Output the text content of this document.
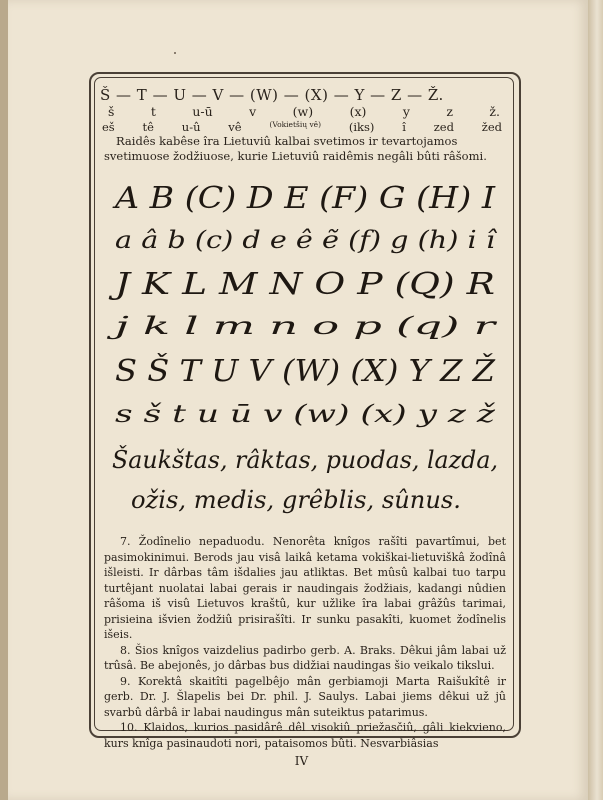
Š — T — U — V — (W) — (X) — Y — Z — Ž.
š	t	u-ū	v	(w)	(x)	y	z	ž.
eš tê u-û vê	(Vokietšių vê) (iks) î zed žed
Raidês kabêse îra Lietuviû kalbai svetimos ir tevartojamos svetimuose žodžiuose, kurie Lietuviû raidêmis negâli bûti râšomi.
A B (C) D E (F) G (H) I
a â b (c) d e ê ẽ (f) g (h) i î
J K L M N O P (Q) R
j k l m n o p (q) r
S Š T U V (W) (X) Y Z Ž
s š t u ū v (w) (x) y z ž
Šaukštas, râktas, puodas, lazda,
ožis, medis, grêblis, sûnus.

7. Žodînelio nepaduodu. Nenorêta knîgos rašîti pavartîmui, bet pasimokinimui. Berods jau visâ laikâ ketama vokiškai-lietuviškâ žodînâ išleisti. Ir dârbas tâm išdalies jau atliktas. Bet mûsû kalbai tuo tarpu turtêjant nuolatai labai gerais ir naudingais žodžiais, kadangi nûdien râšoma iš visû Lietuvos kraštû, kur užlike îra labai grâžûs tarimai, prisieina išvien žodžiû prisirašîti. Ir sunku pasakîti, kuomet žodînelis išeis.

8. Šios knîgos vaizdelius padirbo gerb. A. Braks. Dêkui jâm labai už trûsâ. Be abejonês, jo dârbas bus didžiai naudingas šio veikalo tikslui.

9. Korektâ skaitîti pagelbêjo mân gerbiamoji Marta Raišukîtê ir gerb. Dr. J. Šlapelis bei Dr. phil. J. Saulys. Labai jiems dêkui už jû svarbû dârbâ ir labai naudingus mân suteiktus patarimus.

10. Klaidos, kurios pasidârê dêl visokiû priežasčiû, gâli kiekvieno, kurs knîga pasinaudoti nori, pataisomos bûti. Nesvarbiâsias

IV
